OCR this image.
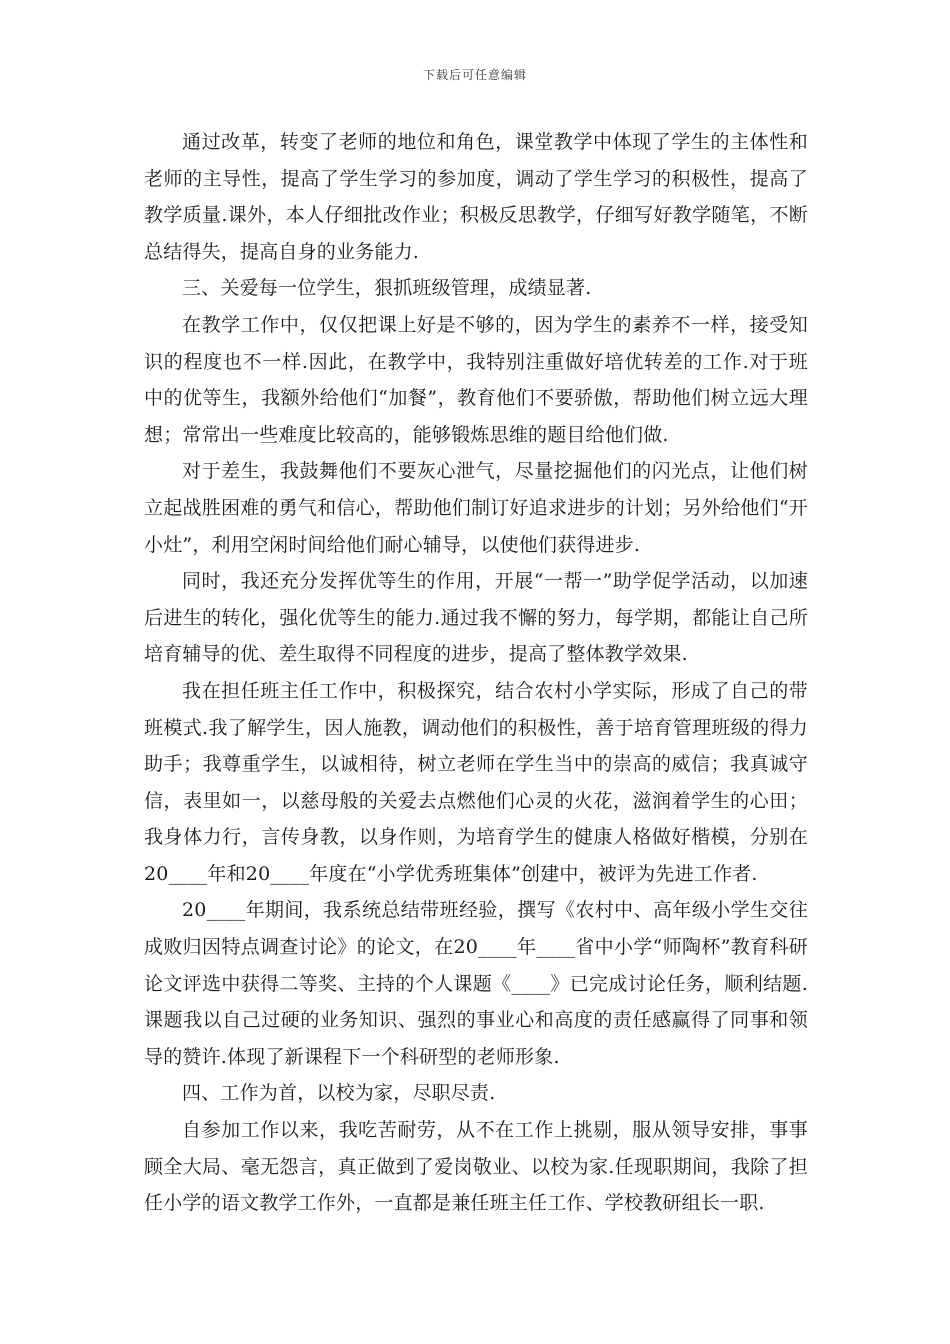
下载后可任意编辑

通过改革，转变了老师的地位和角色，课堂教学中体现了学生的主体性和老师的主导性，提高了学生学习的参加度，调动了学生学习的积极性，提高了教学质量.课外，本人仔细批改作业；积极反思教学，仔细写好教学随笔，不断总结得失，提高自身的业务能力.

三、关爱每一位学生，狠抓班级管理，成绩显著.

在教学工作中，仅仅把课上好是不够的，因为学生的素养不一样，接受知识的程度也不一样.因此，在教学中，我特别注重做好培优转差的工作.对于班中的优等生，我额外给他们“加餐”，教育他们不要骄傲，帮助他们树立远大理想；常常出一些难度比较高的，能够锻炼思维的题目给他们做.

对于差生，我鼓舞他们不要灰心泄气，尽量挖掘他们的闪光点，让他们树立起战胜困难的勇气和信心，帮助他们制订好追求进步的计划；另外给他们“开小灶”，利用空闲时间给他们耐心辅导，以使他们获得进步.

同时，我还充分发挥优等生的作用，开展“一帮一”助学促学活动，以加速后进生的转化，强化优等生的能力.通过我不懈的努力，每学期，都能让自己所培育辅导的优、差生取得不同程度的进步，提高了整体教学效果.

我在担任班主任工作中，积极探究，结合农村小学实际，形成了自己的带班模式.我了解学生，因人施教，调动他们的积极性，善于培育管理班级的得力助手；我尊重学生，以诚相待，树立老师在学生当中的崇高的威信；我真诚守信，表里如一，以慈母般的关爱去点燃他们心灵的火花，滋润着学生的心田；我身体力行，言传身教，以身作则，为培育学生的健康人格做好楷模，分别在20____年和20____年度在“小学优秀班集体”创建中，被评为先进工作者.

20____年期间，我系统总结带班经验，撰写《农村中、高年级小学生交往成败归因特点调查讨论》的论文，在20____年____省中小学“师陶杯”教育科研论文评选中获得二等奖、主持的个人课题《____》已完成讨论任务，顺利结题.课题我以自己过硬的业务知识、强烈的事业心和高度的责任感赢得了同事和领导的赞许.体现了新课程下一个科研型的老师形象.

四、工作为首，以校为家，尽职尽责.

自参加工作以来，我吃苦耐劳，从不在工作上挑剔，服从领导安排，事事顾全大局、毫无怨言，真正做到了爱岗敬业、以校为家.任现职期间，我除了担任小学的语文教学工作外，一直都是兼任班主任工作、学校教研组长一职.
